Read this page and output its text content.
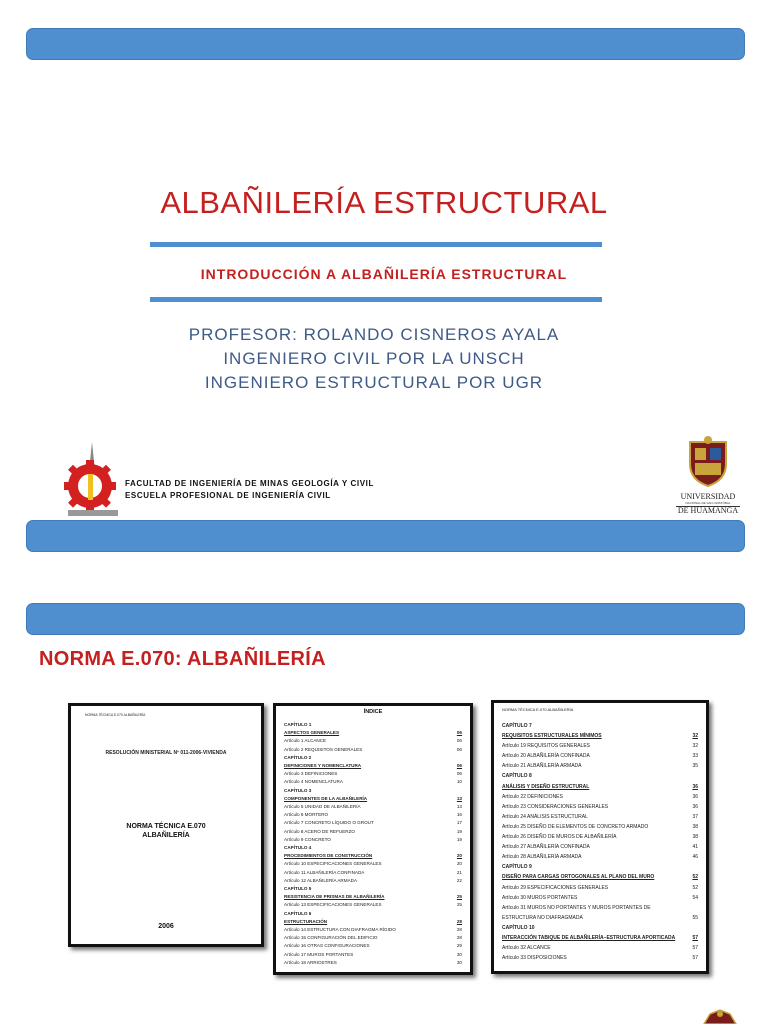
ALBAÑILERÍA ESTRUCTURAL
INTRODUCCIÓN A ALBAÑILERÍA ESTRUCTURAL
PROFESOR: ROLANDO CISNEROS AYALA
INGENIERO CIVIL POR LA UNSCH
INGENIERO ESTRUCTURAL POR UGR
FACULTAD DE INGENIERÍA DE MINAS GEOLOGÍA Y CIVIL
ESCUELA PROFESIONAL DE INGENIERÍA CIVIL	UNIVERSIDAD
NACIONAL DE SAN CRISTÓBAL
DE HUAMANGA
NORMA E.070: ALBAÑILERÍA
NORMA TÉCNICA E.070 ALBAÑILERÍA
RESOLUCIÓN MINISTERIAL Nº 011-2006-VIVIENDA
NORMA TÉCNICA E.070
ALBAÑILERÍA
2006
ÍNDICE
CAPÍTULO 1
ASPECTOS GENERALES	06
Artículo 1 ALCANCE	06
Artículo 2 REQUISITOS GENERALES	06
CAPÍTULO 2
DEFINICIONES Y NOMENCLATURA	06
Artículo 3 DEFINICIONES	06
Artículo 4 NOMENCLATURA	10
CAPÍTULO 3
COMPONENTES DE LA ALBAÑILERÍA	13
Artículo 5 UNIDAD DE ALBAÑILERÍA	13
Artículo 6 MORTERO	16
Artículo 7 CONCRETO LÍQUIDO O GROUT	17
Artículo 8 ACERO DE REFUERZO	19
Artículo 9 CONCRETO	19
CAPÍTULO 4
PROCEDIMIENTOS DE CONSTRUCCIÓN	20
Artículo 10 ESPECIFICACIONES GENERALES	20
Artículo 11 ALBAÑILERÍA CONFINADA	21
Artículo 12 ALBAÑILERÍA ARMADA	22
CAPÍTULO 5
RESISTENCIA DE PRISMAS DE ALBAÑILERÍA	25
Artículo 13 ESPECIFICACIONES GENERALES	25
CAPÍTULO 6
ESTRUCTURACIÓN	28
Artículo 14 ESTRUCTURA CON DIAFRAGMA RÍGIDO	28
Artículo 15 CONFIGURACIÓN DEL EDIFICIO	28
Artículo 16 OTRAS CONFIGURACIONES	29
Artículo 17 MUROS PORTANTES	30
Artículo 18 ARRIOSTRES	30
NORMA TÉCNICA E.070 ALBAÑILERÍA
CAPÍTULO 7
REQUISITOS ESTRUCTURALES MÍNIMOS	32
Artículo 19 REQUISITOS GENERALES	32
Artículo 20 ALBAÑILERÍA CONFINADA	33
Artículo 21 ALBAÑILERÍA ARMADA	35
CAPÍTULO 8
ANÁLISIS Y DISEÑO ESTRUCTURAL	36
Artículo 22 DEFINICIONES	36
Artículo 23 CONSIDERACIONES GENERALES	36
Artículo 24 ANÁLISIS ESTRUCTURAL	37
Artículo 25 DISEÑO DE ELEMENTOS DE CONCRETO ARMADO	38
Artículo 26 DISEÑO DE MUROS DE ALBAÑILERÍA	38
Artículo 27 ALBAÑILERÍA CONFINADA	41
Artículo 28 ALBAÑILERÍA ARMADA	46
CAPÍTULO 9
DISEÑO PARA CARGAS ORTOGONALES AL PLANO DEL MURO	52
Artículo 29 ESPECIFICACIONES GENERALES	52
Artículo 30 MUROS PORTANTES	54
Artículo 31 MUROS NO PORTANTES Y MUROS PORTANTES DE
ESTRUCTURA NO DIAFRAGMADA	55
CAPÍTULO 10
INTERACCIÓN TABIQUE DE ALBAÑILERÍA–ESTRUCTURA APORTICADA	57
Artículo 32 ALCANCE	57
Artículo 33 DISPOSICIONES	57
